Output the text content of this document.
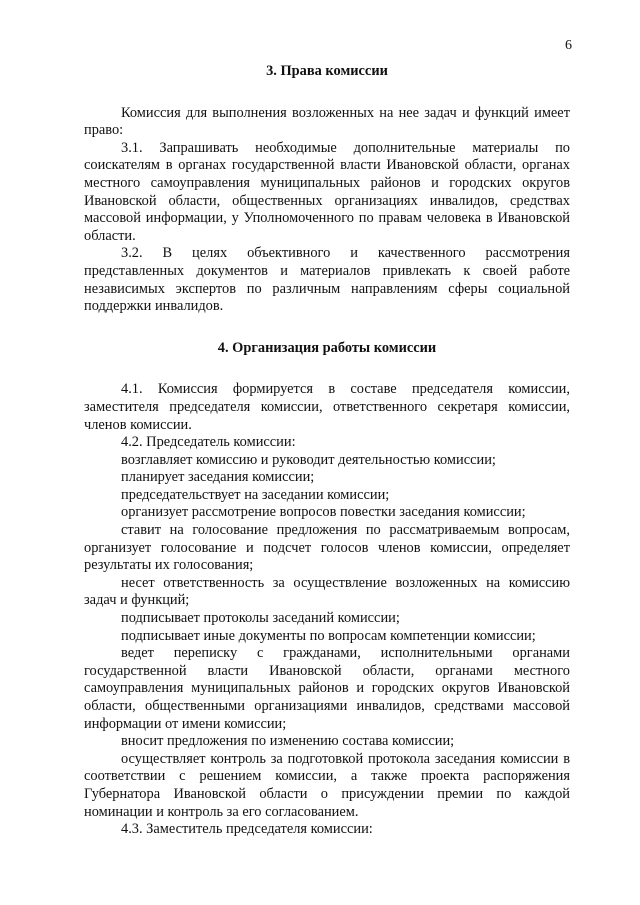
6

3. Права комиссии

Комиссия для выполнения возложенных на нее задач и функций имеет право:

3.1. Запрашивать необходимые дополнительные материалы по соискателям в органах государственной власти Ивановской области, органах местного самоуправления муниципальных районов и городских округов Ивановской области, общественных организациях инвалидов, средствах массовой информации, у Уполномоченного по правам человека в Ивановской области.

3.2. В целях объективного и качественного рассмотрения представленных документов и материалов привлекать к своей работе независимых экспертов по различным направлениям сферы социальной поддержки инвалидов.

4. Организация работы комиссии

4.1. Комиссия формируется в составе председателя комиссии, заместителя председателя комиссии, ответственного секретаря комиссии, членов комиссии.

4.2. Председатель комиссии:

возглавляет комиссию и руководит деятельностью комиссии;

планирует заседания комиссии;

председательствует на заседании комиссии;

организует рассмотрение вопросов повестки заседания комиссии;

ставит на голосование предложения по рассматриваемым вопросам, организует голосование и подсчет голосов членов комиссии, определяет результаты их голосования;

несет ответственность за осуществление возложенных на комиссию задач и функций;

подписывает протоколы заседаний комиссии;

подписывает иные документы по вопросам компетенции комиссии;

ведет переписку с гражданами, исполнительными органами государственной власти Ивановской области, органами местного самоуправления муниципальных районов и городских округов Ивановской области, общественными организациями инвалидов, средствами массовой информации от имени комиссии;

вносит предложения по изменению состава комиссии;

осуществляет контроль за подготовкой протокола заседания комиссии в соответствии с решением комиссии, а также проекта распоряжения Губернатора Ивановской области о присуждении премии по каждой номинации и контроль за его согласованием.

4.3. Заместитель председателя комиссии:
